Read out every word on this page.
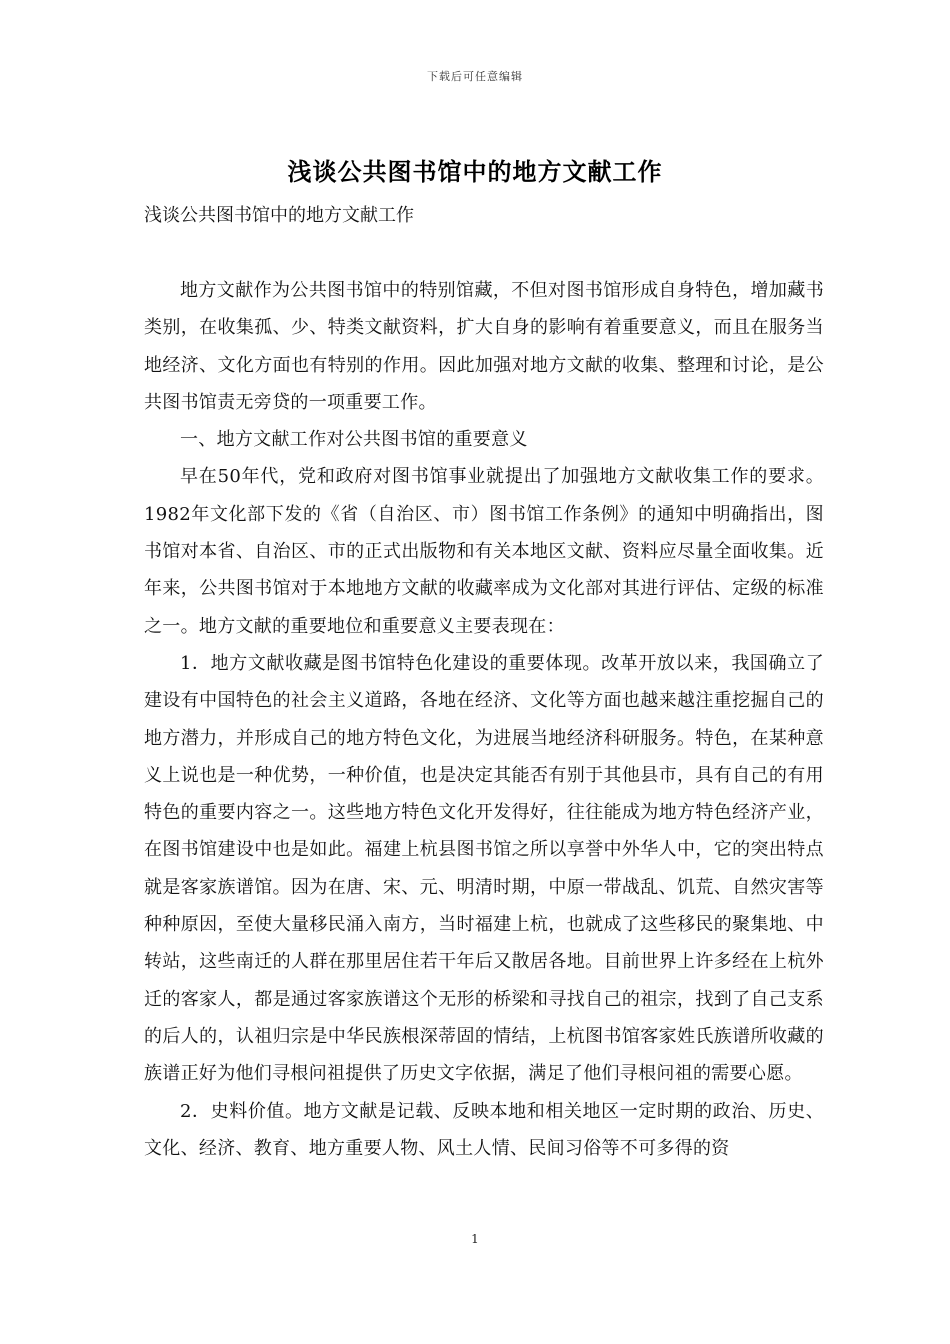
下载后可任意编辑
浅谈公共图书馆中的地方文献工作
浅谈公共图书馆中的地方文献工作

地方文献作为公共图书馆中的特别馆藏，不但对图书馆形成自身特色，增加藏书类别，在收集孤、少、特类文献资料，扩大自身的影响有着重要意义，而且在服务当地经济、文化方面也有特别的作用。因此加强对地方文献的收集、整理和讨论，是公共图书馆责无旁贷的一项重要工作。

一、地方文献工作对公共图书馆的重要意义

早在50年代，党和政府对图书馆事业就提出了加强地方文献收集工作的要求。1982年文化部下发的《省（自治区、市）图书馆工作条例》的通知中明确指出，图书馆对本省、自治区、市的正式出版物和有关本地区文献、资料应尽量全面收集。近年来，公共图书馆对于本地地方文献的收藏率成为文化部对其进行评估、定级的标准之一。地方文献的重要地位和重要意义主要表现在：

1．地方文献收藏是图书馆特色化建设的重要体现。改革开放以来，我国确立了建设有中国特色的社会主义道路，各地在经济、文化等方面也越来越注重挖掘自己的地方潜力，并形成自己的地方特色文化，为进展当地经济科研服务。特色，在某种意义上说也是一种优势，一种价值，也是决定其能否有别于其他县市，具有自己的有用特色的重要内容之一。这些地方特色文化开发得好，往往能成为地方特色经济产业，在图书馆建设中也是如此。福建上杭县图书馆之所以享誉中外华人中，它的突出特点就是客家族谱馆。因为在唐、宋、元、明清时期，中原一带战乱、饥荒、自然灾害等种种原因，至使大量移民涌入南方，当时福建上杭，也就成了这些移民的聚集地、中转站，这些南迁的人群在那里居住若干年后又散居各地。目前世界上许多经在上杭外迁的客家人，都是通过客家族谱这个无形的桥梁和寻找自己的祖宗，找到了自己支系的后人的，认祖归宗是中华民族根深蒂固的情结，上杭图书馆客家姓氏族谱所收藏的族谱正好为他们寻根问祖提供了历史文字依据，满足了他们寻根问祖的需要心愿。

2．史料价值。地方文献是记载、反映本地和相关地区一定时期的政治、历史、文化、经济、教育、地方重要人物、风土人情、民间习俗等不可多得的资

1
